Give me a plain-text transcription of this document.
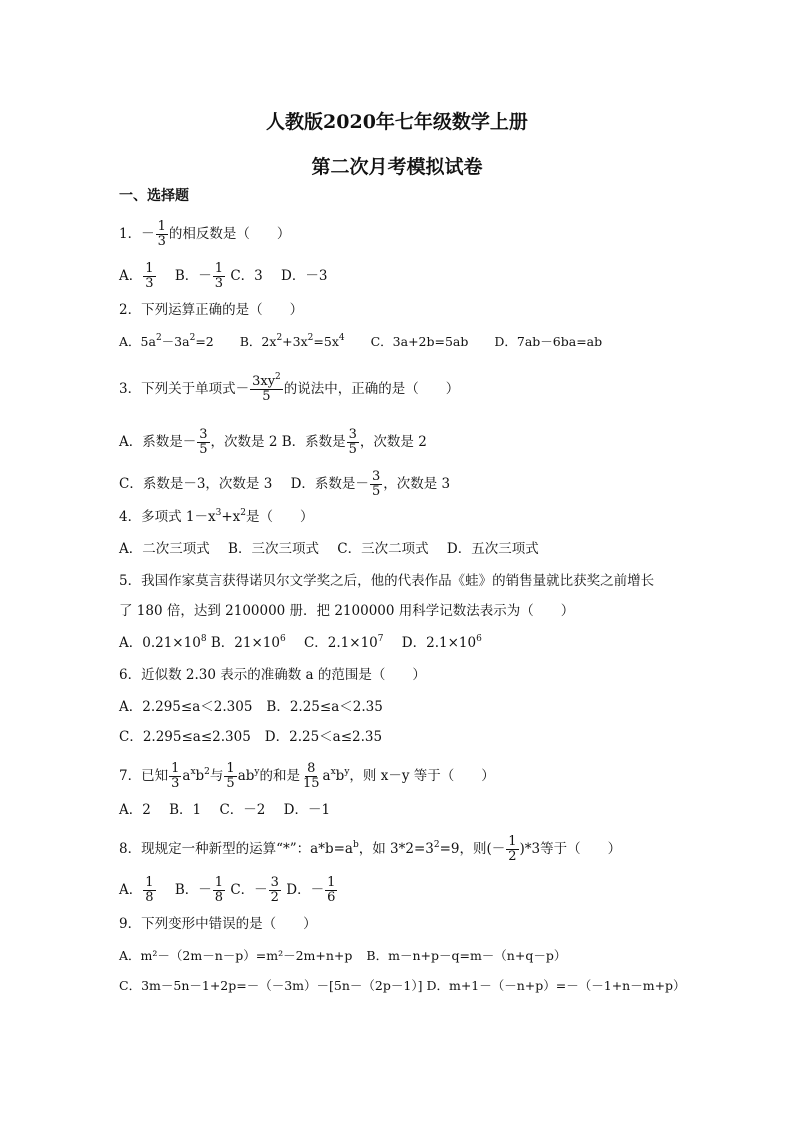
人教版2020年七年级数学上册
第二次月考模拟试卷
一、选择题
1．－ $\frac{1}{3}$ 的相反数是（　　）
A． $\frac{1}{3}$ B．－ $\frac{1}{3}$ C．3 D．－3
2．下列运算正确的是（　　）
A．$5a^2-3a^2=2$ B．$2x^2+3x^2=5x^4$ C．3a+2b=5ab D．7ab－6ba=ab
3．下列关于单项式－ $\frac{3xy^2}{5}$ 的说法中，正确的是（　　）
A．系数是－ $\frac{3}{5}$ ，次数是 2 B．系数是 $\frac{3}{5}$ ，次数是 2
C．系数是－3，次数是 3 D．系数是－ $\frac{3}{5}$ ，次数是 3
4．多项式 $1-x^3+x^2$是（　　）
A．二次三项式 B．三次三项式 C．三次二项式 D．五次三项式
5．我国作家莫言获得诺贝尔文学奖之后，他的代表作品《蛙》的销售量就比获奖之前增长
了 180 倍，达到 2100000 册．把 2100000 用科学记数法表示为（　　）
A．$0.21\times 10^8$ B．$21\times 10^6$ C．$2.1\times 10^7$ D．$2.1\times 10^6$
6．近似数 2.30 表示的准确数 a 的范围是（　　）
A．2.295≤a＜2.305 B．2.25≤a＜2.35
C．2.295≤a≤2.305 D．2.25＜a≤2.35
7．已知 $\frac{1}{3} a^xb^2$与 $\frac{1}{5} ab^y$的和是 $\frac{8}{15} a^xb^y$，则 x－y 等于（　　）
A．2 B．1 C．－2 D．－1
8．现规定一种新型的运算“*”：$a*b=a^b$，如 $3*2=3^2=9$，则(－ $\frac{1}{2} )*3$等于（　　）
A． $\frac{1}{8}$ B．－ $\frac{1}{8}$ C．－ $\frac{3}{2}$ D．－ $\frac{1}{6}$
9．下列变形中错误的是（　　）
A．m²－（2m－n－p）=m²－2m+n+p B．m－n+p－q=m－（n+q－p）
C．3m－5n－1+2p=－（－3m）－[5n－（2p－1）] D．m+1－（－n+p）=－（－1+n－m+p）
